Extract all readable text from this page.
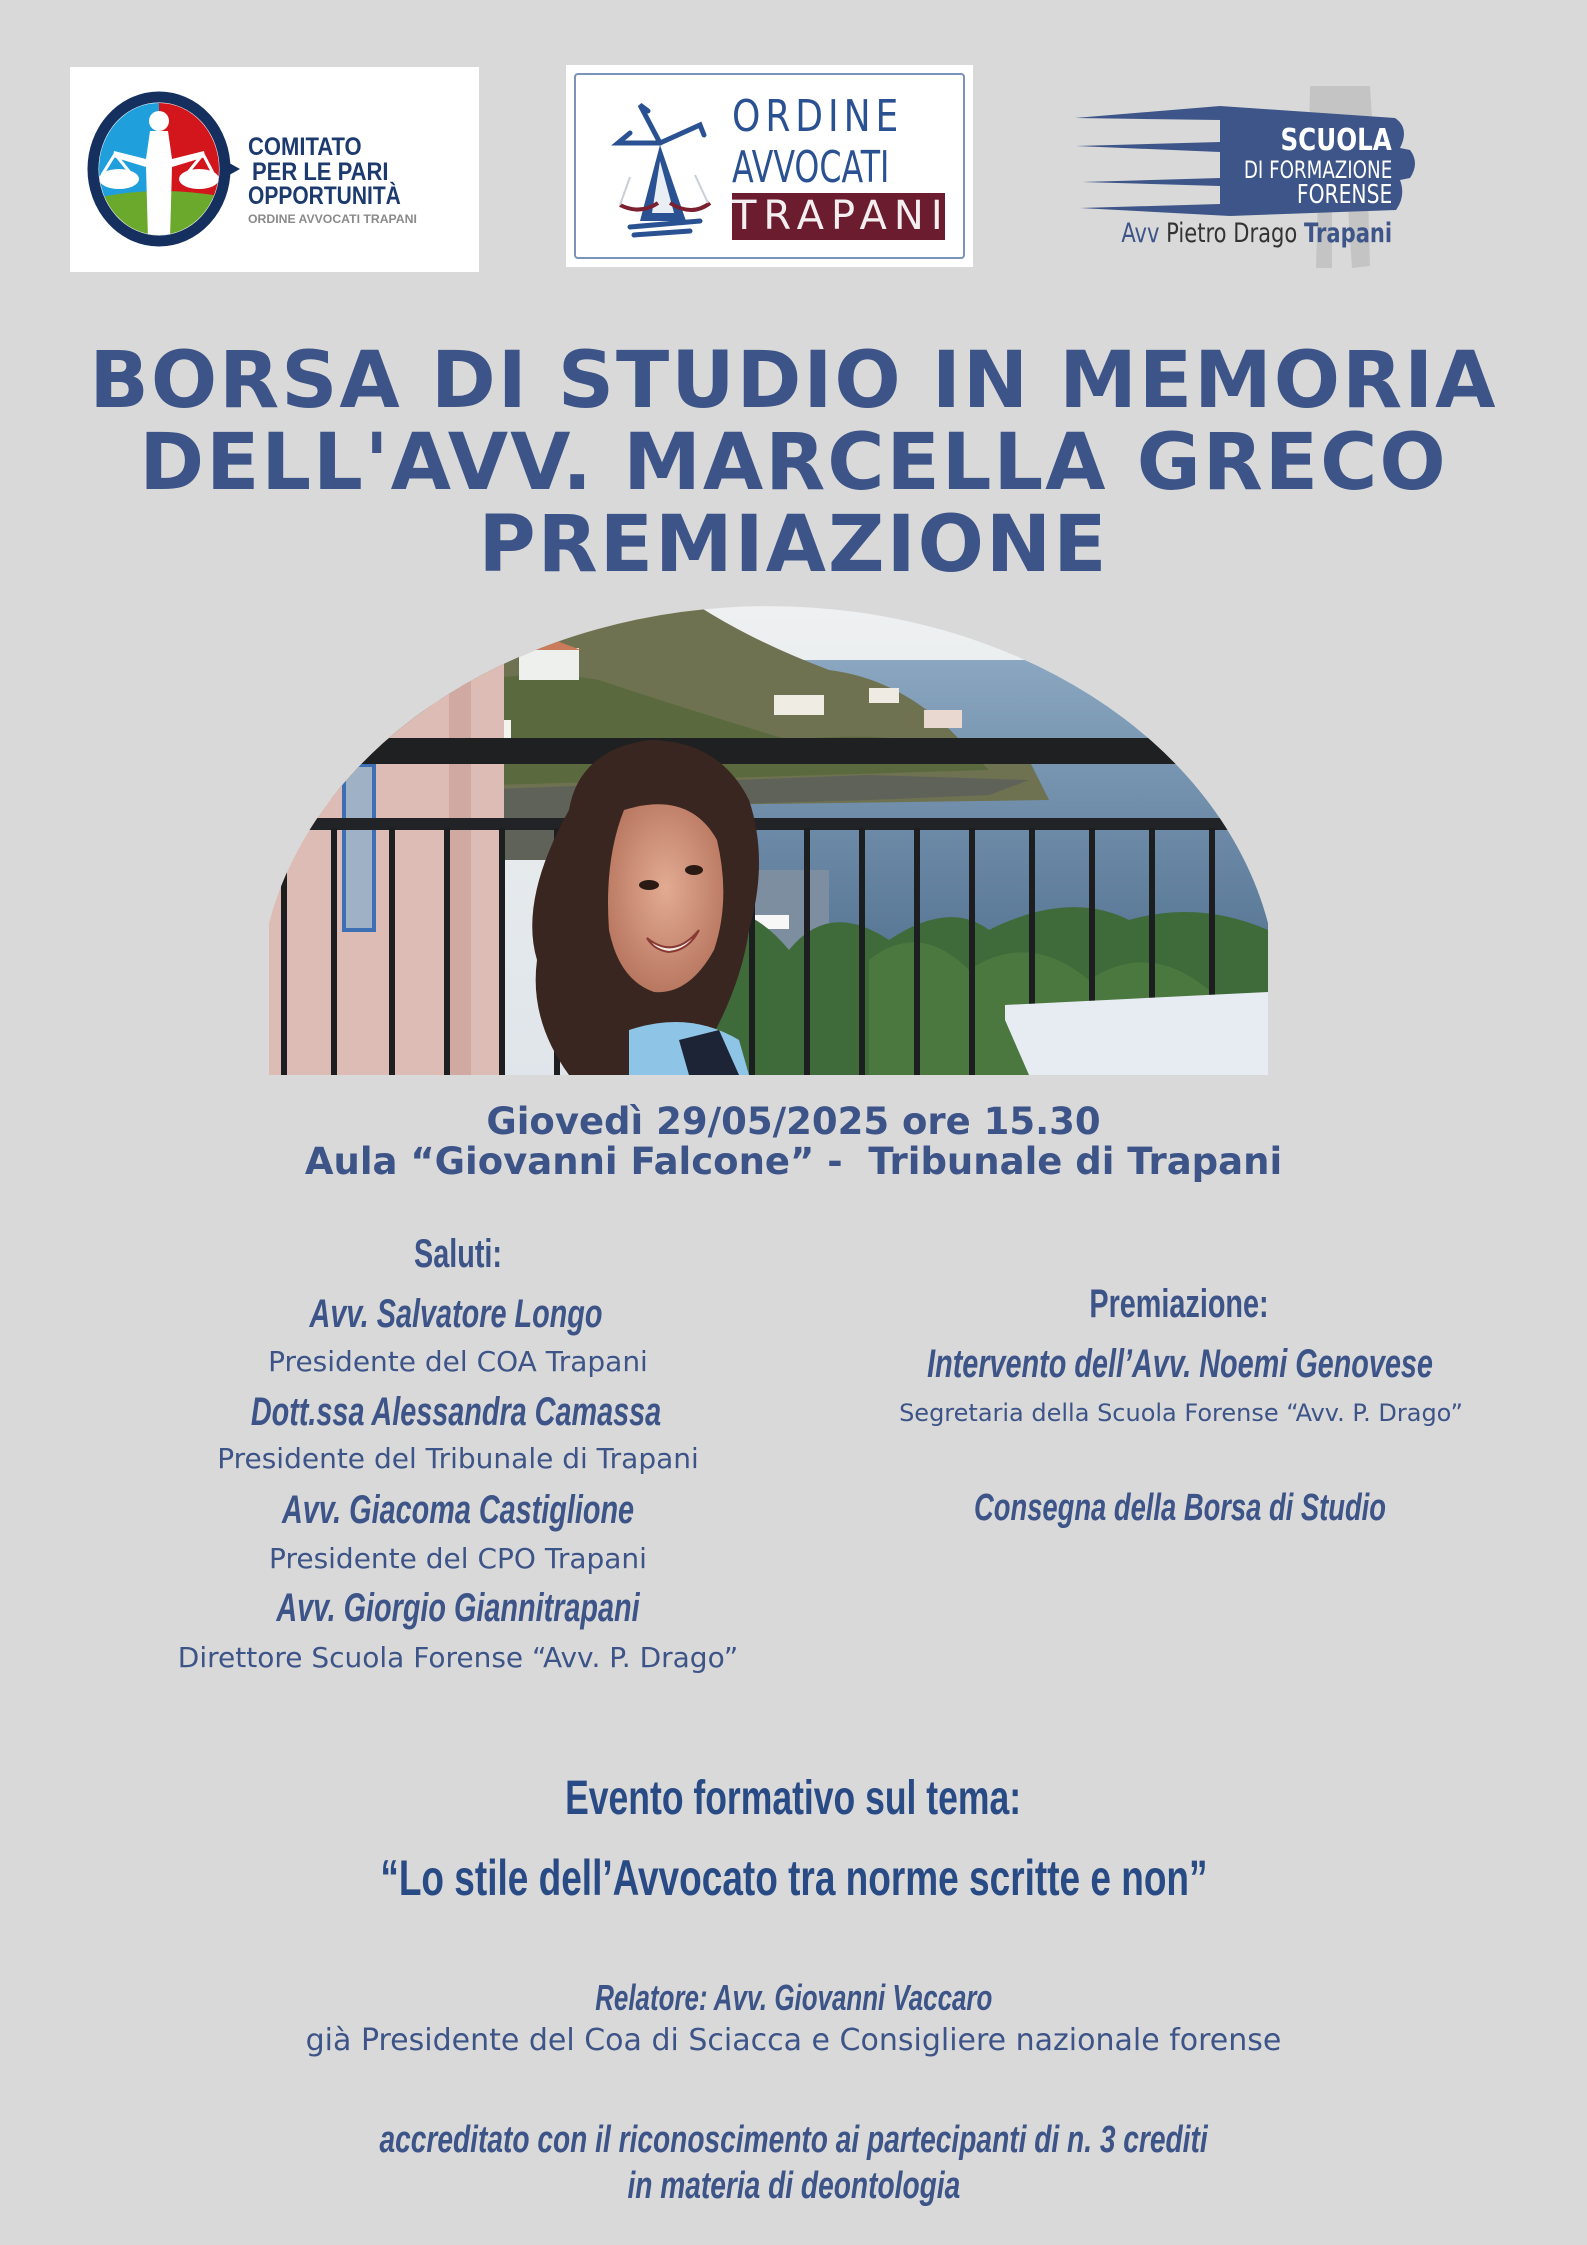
COMITATO
PER LE PARI
OPPORTUNITÀ
ORDINE AVVOCATI TRAPANI
ORDINE
AVVOCATI
TRAPANI
SCUOLA
DI FORMAZIONE
FORENSE
Avv Pietro Drago Trapani
BORSA DI STUDIO IN MEMORIA
DELL'AVV. MARCELLA GRECO
PREMIAZIONE
Giovedì 29/05/2025 ore 15.30
Aula “Giovanni Falcone” -  Tribunale di Trapani
Saluti:
Avv. Salvatore Longo
Presidente del COA Trapani
Dott.ssa Alessandra Camassa
Presidente del Tribunale di Trapani
Avv. Giacoma Castiglione
Presidente del CPO Trapani
Avv. Giorgio Giannitrapani
Direttore Scuola Forense “Avv. P. Drago”
Premiazione:
Intervento dell’Avv. Noemi Genovese
Segretaria della Scuola Forense “Avv. P. Drago”
Consegna della Borsa di Studio
Evento formativo sul tema:
“Lo stile dell’Avvocato tra norme scritte e non”
Relatore: Avv. Giovanni Vaccaro
già Presidente del Coa di Sciacca e Consigliere nazionale forense
accreditato con il riconoscimento ai partecipanti di n. 3 crediti
in materia di deontologia
